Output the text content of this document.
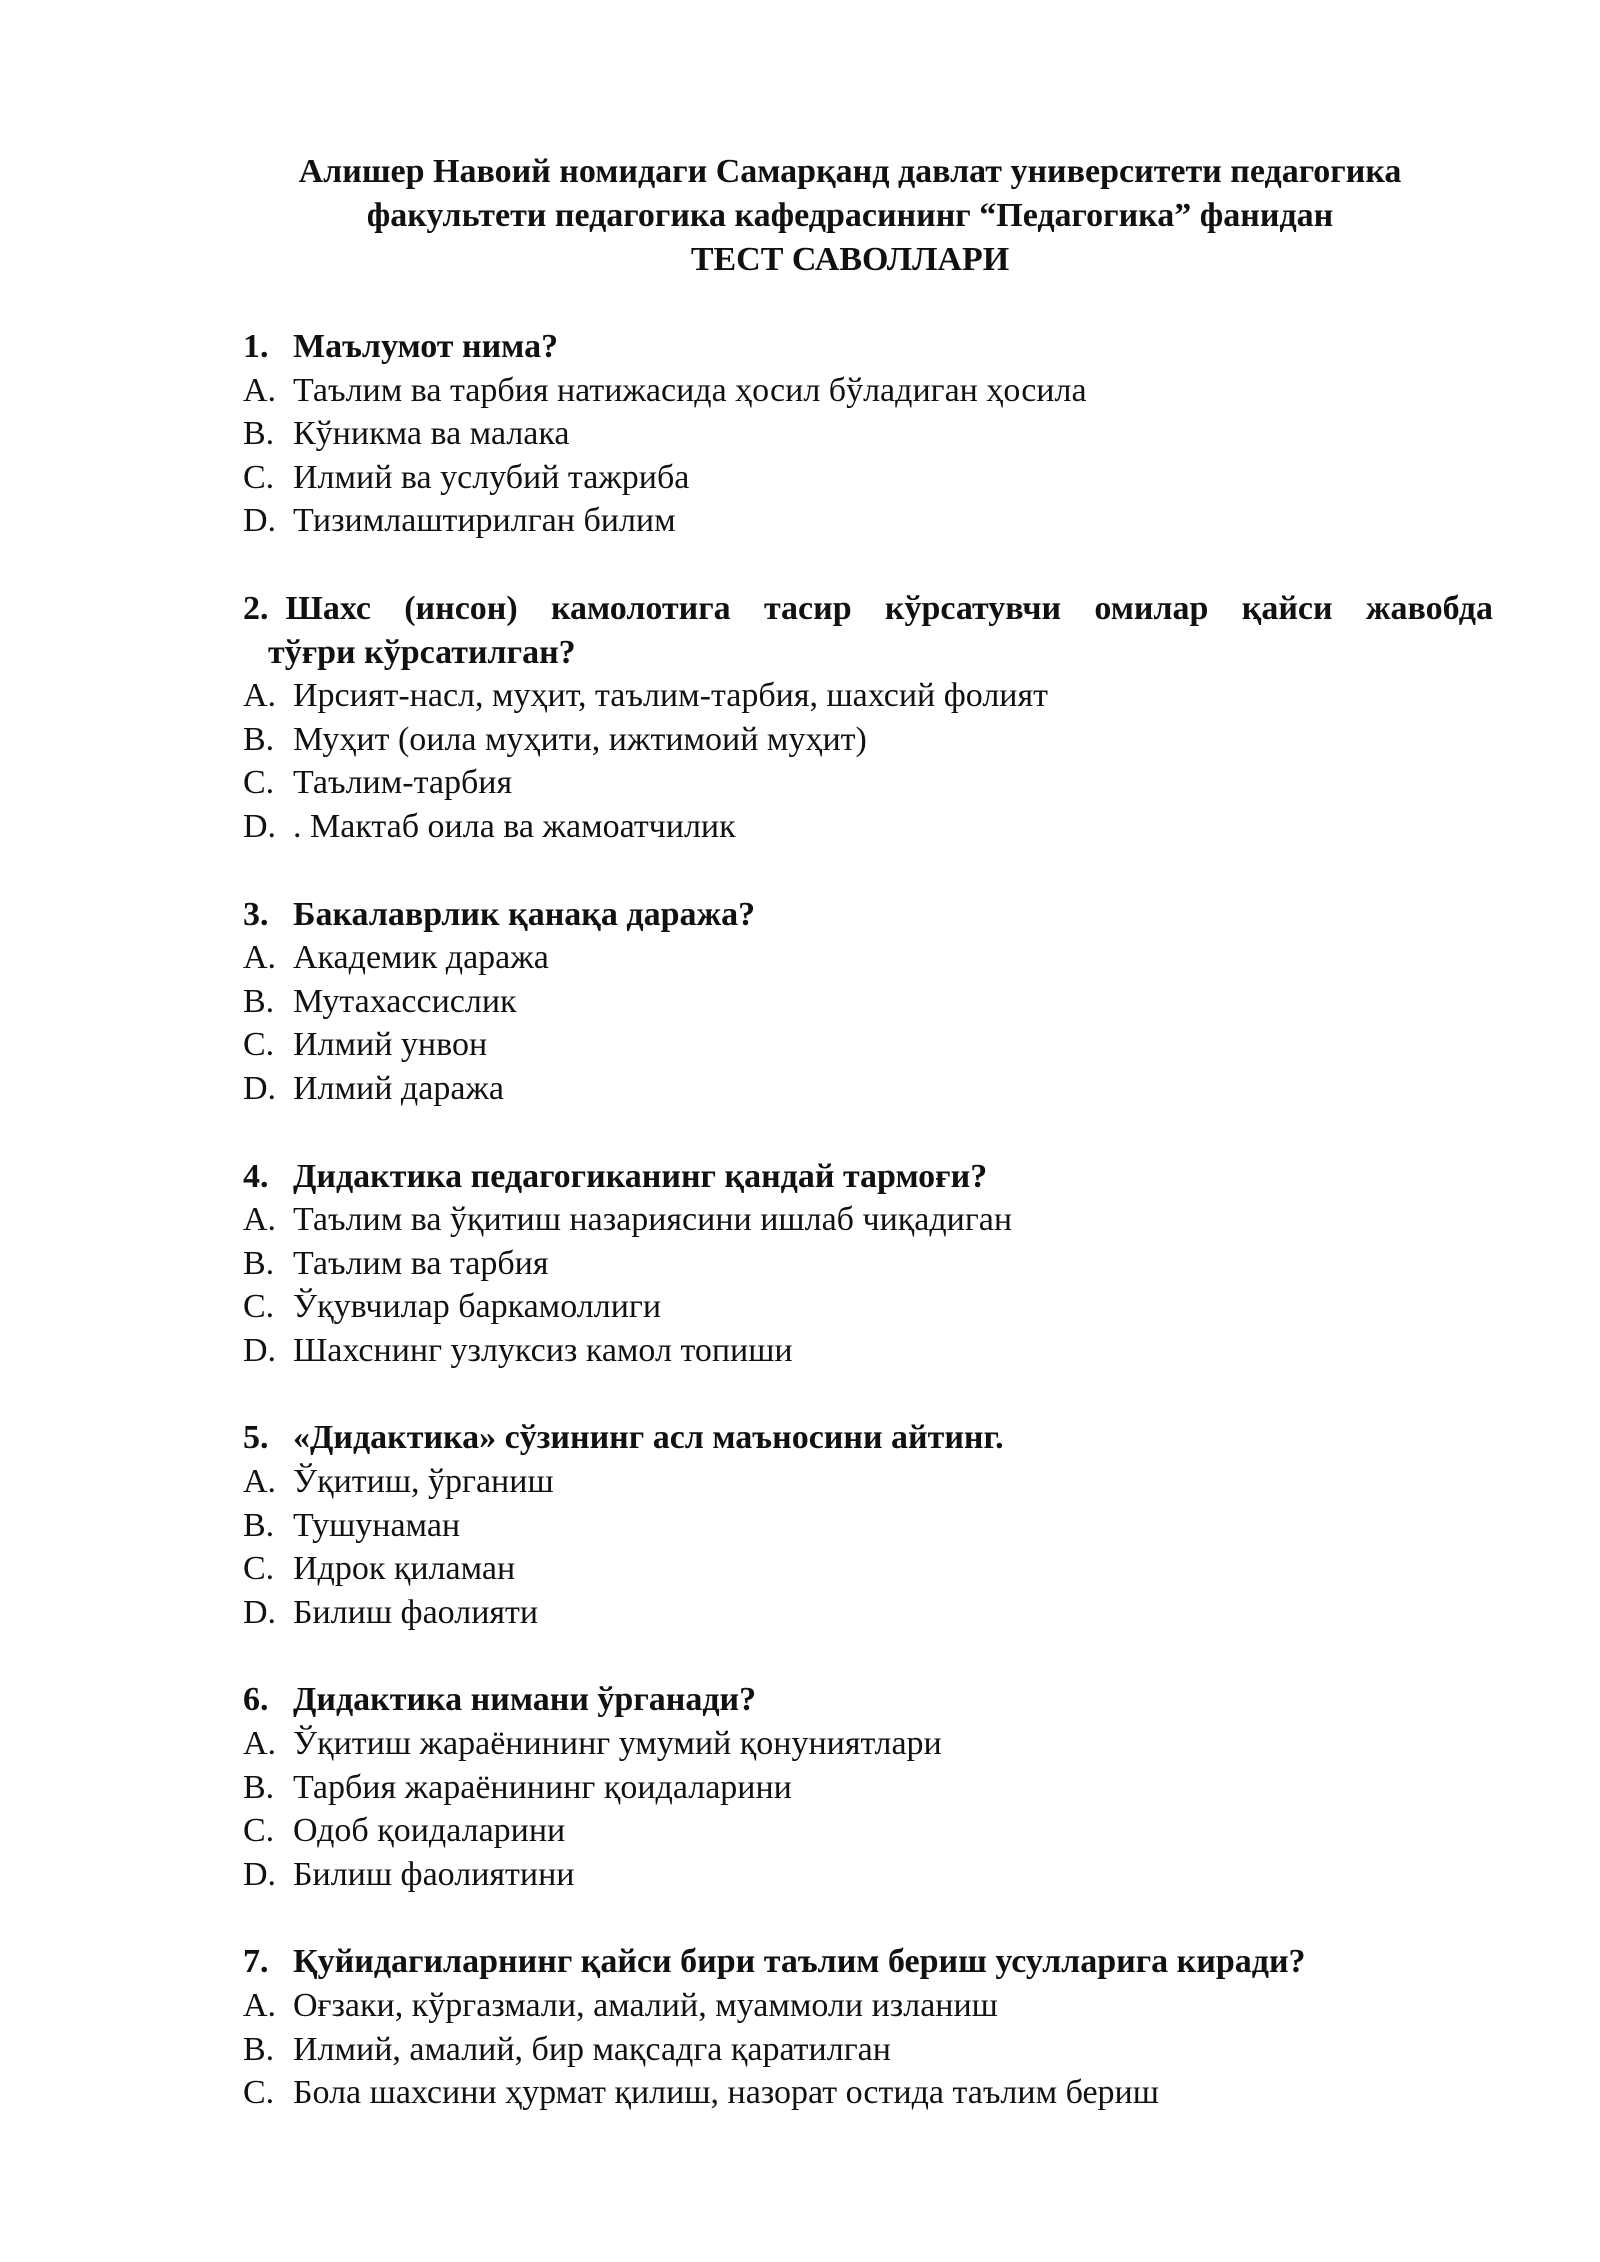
Алишер Навоий номидаги Самарқанд давлат университети педагогика
факультети педагогика кафедрасининг “Педагогика” фанидан
ТЕСТ САВОЛЛАРИ
1. Маълумот нима?
A. Таълим ва тарбия натижасида ҳосил бўладиган ҳосила
B. Кўникма ва малака
C. Илмий ва услубий тажриба
D. Тизимлаштирилган билим
2.  Шахс (инсон) камолотига тасир кўрсатувчи омилар қайси жавобда
тўғри кўрсатилган?
A. Ирсият-насл, муҳит, таълим-тарбия, шахсий фолият
B. Муҳит (оила муҳити, ижтимоий муҳит)
C. Таълим-тарбия
D. . Мактаб оила ва жамоатчилик
3. Бакалаврлик қанақа даража?
A. Академик даража
B. Мутахассислик
C. Илмий унвон
D. Илмий даража
4. Дидактика педагогиканинг қандай тармоғи?
A. Таълим ва ўқитиш назариясини ишлаб чиқадиган
B. Таълим ва тарбия
C. Ўқувчилар баркамоллиги
D. Шахснинг узлуксиз камол топиши
5. «Дидактика» сўзининг асл маъносини айтинг.
A. Ўқитиш, ўрганиш
B. Тушунаман
C. Идрок қиламан
D. Билиш фаолияти
6. Дидактика нимани ўрганади?
A. Ўқитиш жараёнининг умумий қонуниятлари
B. Тарбия жараёнининг қоидаларини
C. Одоб қоидаларини
D. Билиш фаолиятини
7. Қуйидагиларнинг қайси бири таълим бериш усулларига киради?
A. Оғзаки, кўргазмали, амалий, муаммоли изланиш
B. Илмий, амалий, бир мақсадга қаратилган
C. Бола шахсини ҳурмат қилиш, назорат остида таълим бериш
